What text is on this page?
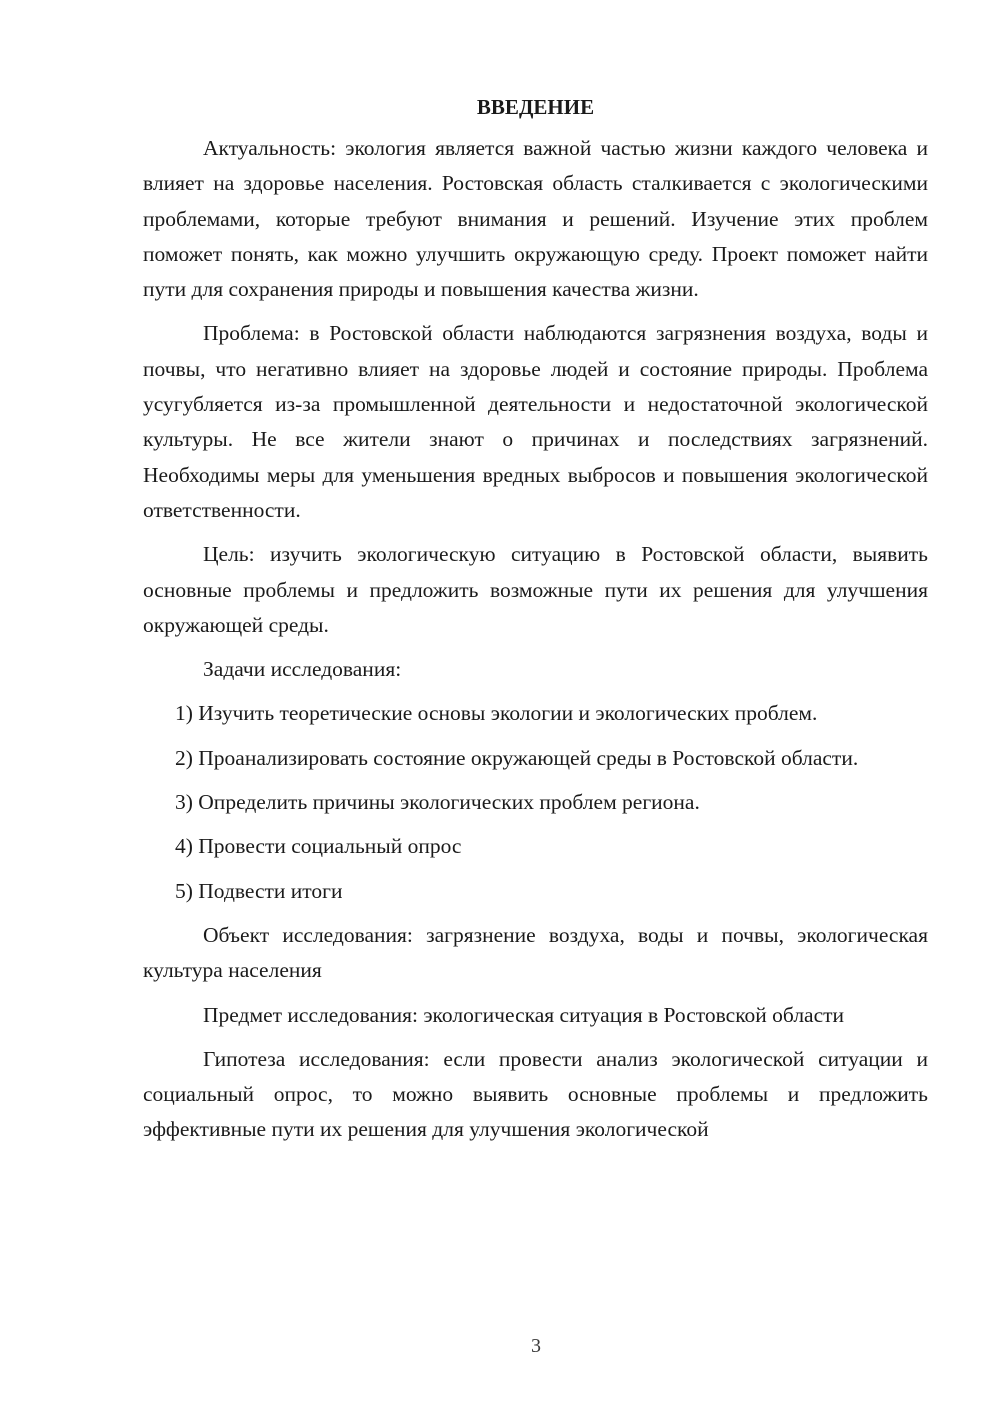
ВВЕДЕНИЕ

Актуальность: экология является важной частью жизни каждого человека и влияет на здоровье населения. Ростовская область сталкивается с экологическими проблемами, которые требуют внимания и решений. Изучение этих проблем поможет понять, как можно улучшить окружающую среду. Проект поможет найти пути для сохранения природы и повышения качества жизни.

Проблема: в Ростовской области наблюдаются загрязнения воздуха, воды и почвы, что негативно влияет на здоровье людей и состояние природы. Проблема усугубляется из-за промышленной деятельности и недостаточной экологической культуры. Не все жители знают о причинах и последствиях загрязнений. Необходимы меры для уменьшения вредных выбросов и повышения экологической ответственности.

Цель: изучить экологическую ситуацию в Ростовской области, выявить основные проблемы и предложить возможные пути их решения для улучшения окружающей среды.

Задачи исследования:

1) Изучить теоретические основы экологии и экологических проблем.

2) Проанализировать состояние окружающей среды в Ростовской области.

3) Определить причины экологических проблем региона.

4) Провести социальный опрос

5) Подвести итоги

Объект исследования: загрязнение воздуха, воды и почвы, экологическая культура населения

Предмет исследования: экологическая ситуация в Ростовской области

Гипотеза исследования: если провести анализ экологической ситуации и социальный опрос, то можно выявить основные проблемы и предложить эффективные пути их решения для улучшения экологической

3
